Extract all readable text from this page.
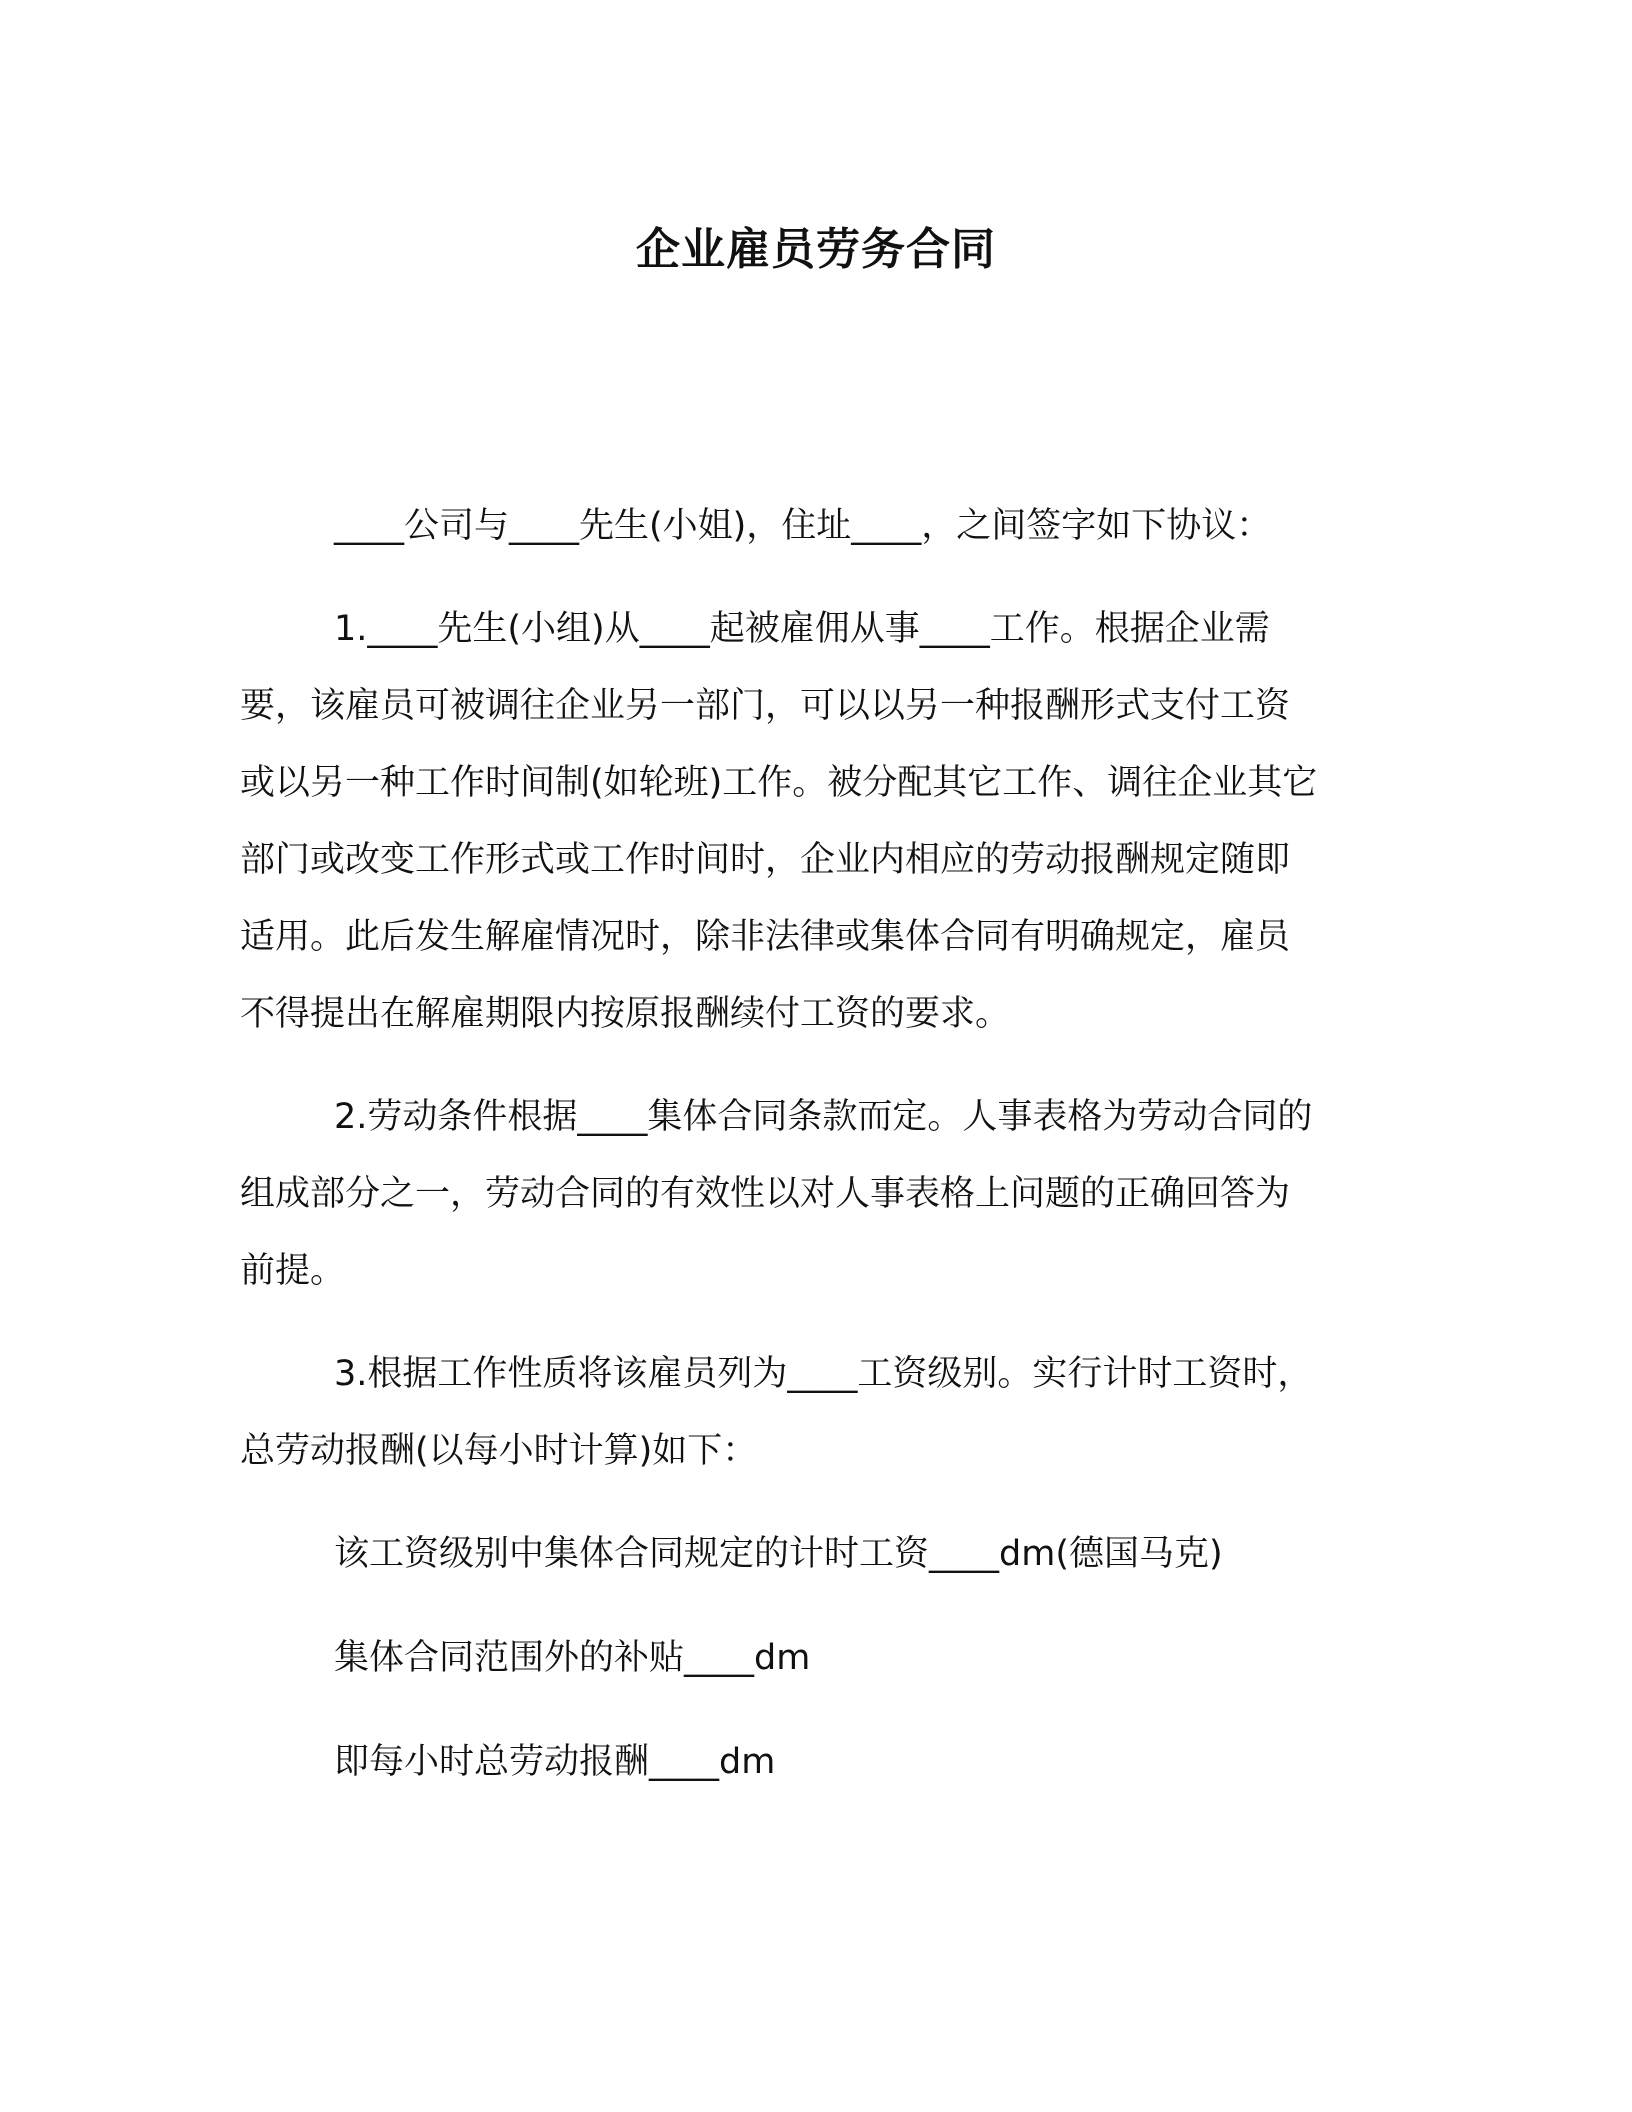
企业雇员劳务合同
____公司与____先生(小姐)，住址____，之间签字如下协议：
1.____先生(小组)从____起被雇佣从事____工作。根据企业需
要，该雇员可被调往企业另一部门，可以以另一种报酬形式支付工资
或以另一种工作时间制(如轮班)工作。被分配其它工作、调往企业其它
部门或改变工作形式或工作时间时，企业内相应的劳动报酬规定随即
适用。此后发生解雇情况时，除非法律或集体合同有明确规定，雇员
不得提出在解雇期限内按原报酬续付工资的要求。
2.劳动条件根据____集体合同条款而定。人事表格为劳动合同的
组成部分之一，劳动合同的有效性以对人事表格上问题的正确回答为
前提。
3.根据工作性质将该雇员列为____工资级别。实行计时工资时，
总劳动报酬(以每小时计算)如下：
该工资级别中集体合同规定的计时工资____dm(德国马克)
集体合同范围外的补贴____dm
即每小时总劳动报酬____dm
